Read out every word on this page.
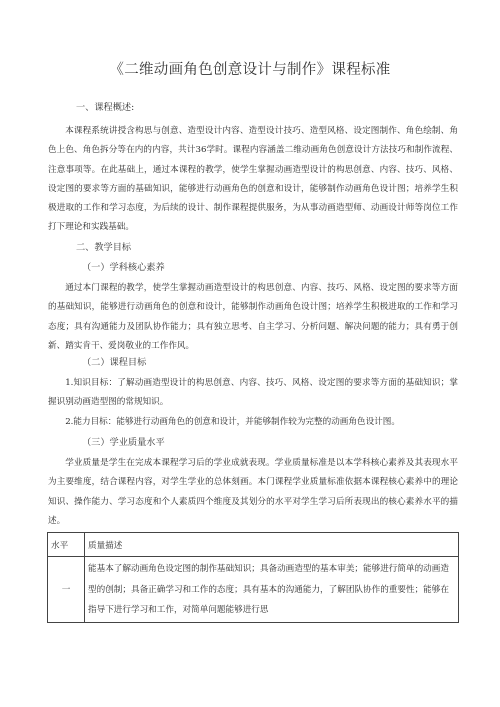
《二维动画角色创意设计与制作》课程标准
一、课程概述:

本课程系统讲授含构思与创意、造型设计内容、造型设计技巧、造型风格、设定图制作、角色绘制、角色上色、角色拆分等在内的内容，共计36学时。课程内容涵盖二维动画角色创意设计方法技巧和制作流程、注意事项等。在此基础上，通过本课程的教学，使学生掌握动画造型设计的构思创意、内容、技巧、风格、设定图的要求等方面的基础知识，能够进行动画角色的创意和设计，能够制作动画角色设计图；培养学生积极进取的工作和学习态度，为后续的设计、制作课程提供服务，为从事动画造型师、动画设计师等岗位工作打下理论和实践基础。

二、教学目标
（一）学科核心素养

通过本门课程的教学，使学生掌握动画造型设计的构思创意、内容、技巧、风格、设定图的要求等方面的基础知识，能够进行动画角色的创意和设计，能够制作动画角色设计图；培养学生积极进取的工作和学习态度；具有沟通能力及团队协作能力；具有独立思考、自主学习、分析问题、解决问题的能力；具有勇于创新、踏实肯干、爱岗敬业的工作作风。

（二）课程目标

1.知识目标：了解动画造型设计的构思创意、内容、技巧、风格、设定图的要求等方面的基础知识；掌握识别动画造型图的常规知识。

2.能力目标：能够进行动画角色的创意和设计，并能够制作较为完整的动画角色设计图。

（三）学业质量水平

学业质量是学生在完成本课程学习后的学业成就表现。学业质量标准是以本学科核心素养及其表现水平为主要维度，结合课程内容，对学生学业的总体刻画。本门课程学业质量标准依据本课程核心素养中的理论知识、操作能力、学习态度和个人素质四个维度及其划分的水平对学生学习后所表现出的核心素养水平的描述。

水平	质量描述
一	能基本了解动画角色设定图的制作基础知识；具备动画造型的基本审美；能够进行简单的动画造型的创制；具备正确学习和工作的态度；具有基本的沟通能力，了解团队协作的重要性；能够在指导下进行学习和工作，对简单问题能够进行思
